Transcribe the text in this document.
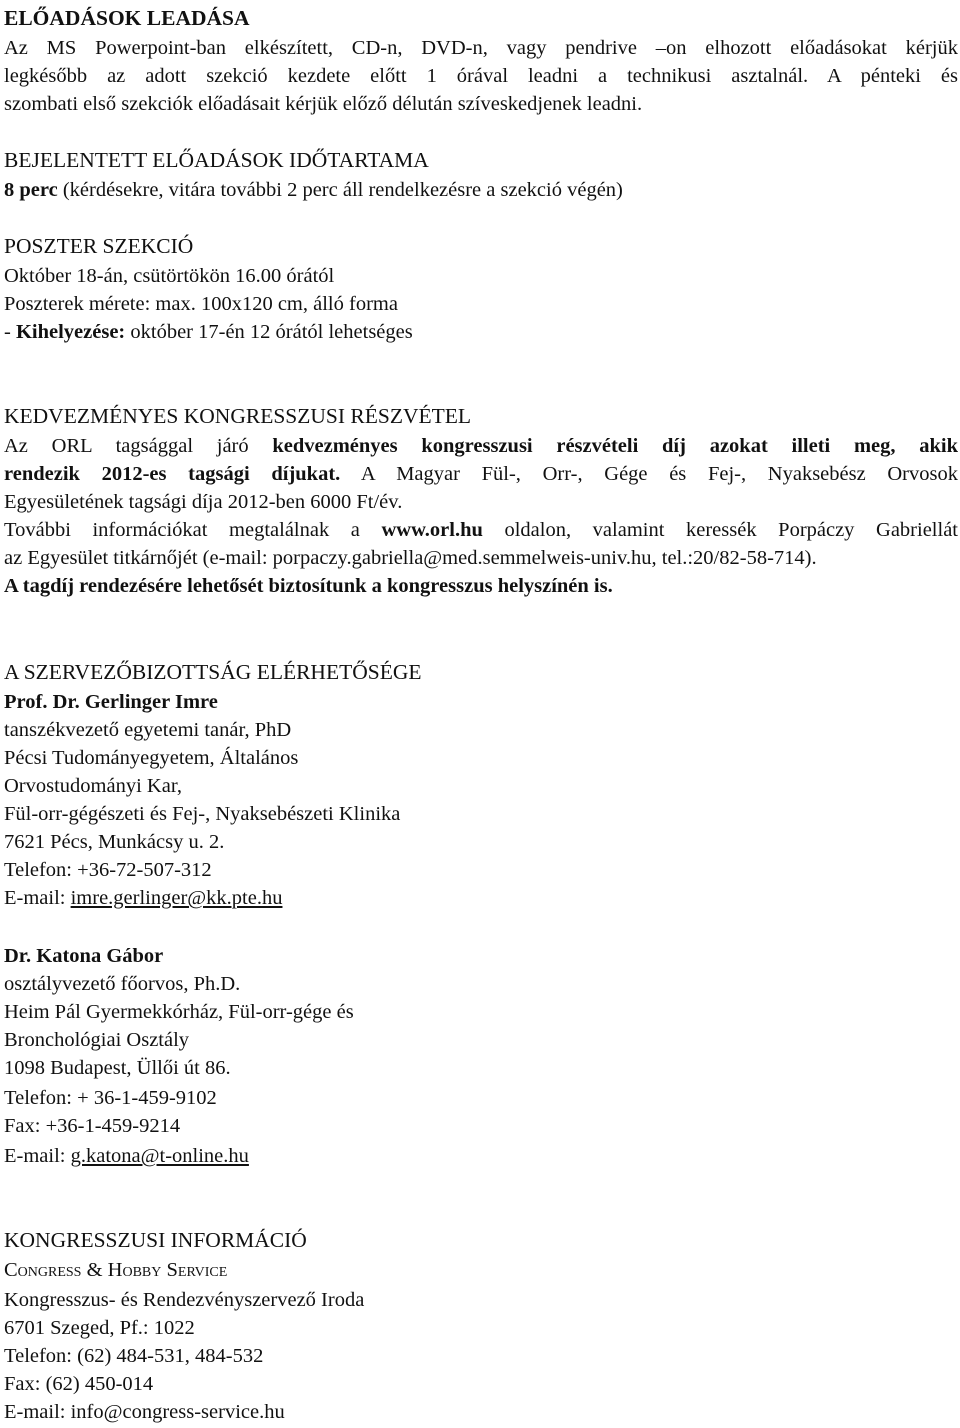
ELŐADÁSOK LEADÁSA
Az MS Powerpoint-ban elkészített, CD-n, DVD-n, vagy pendrive –on elhozott előadásokat kérjük
legkésőbb az adott szekció kezdete előtt 1 órával leadni a technikusi asztalnál. A pénteki és
szombati első szekciók előadásait kérjük előző délután szíveskedjenek leadni.
BEJELENTETT ELŐADÁSOK IDŐTARTAMA
8 perc (kérdésekre, vitára további 2 perc áll rendelkezésre a szekció végén)
POSZTER SZEKCIÓ
Október 18-án, csütörtökön 16.00 órától
Poszterek mérete: max. 100x120 cm, álló forma
- Kihelyezése: október 17-én 12 órától lehetséges
KEDVEZMÉNYES KONGRESSZUSI RÉSZVÉTEL
Az ORL tagsággal járó kedvezményes kongresszusi részvételi díj azokat illeti meg, akik
rendezik 2012-es tagsági díjukat. A Magyar Fül-, Orr-, Gége és Fej-, Nyaksebész Orvosok
Egyesületének tagsági díja 2012-ben 6000 Ft/év.
További információkat megtalálnak a www.orl.hu oldalon, valamint keressék Porpáczy Gabriellát
az Egyesület titkárnőjét (e-mail: porpaczy.gabriella@med.semmelweis-univ.hu, tel.:20/82-58-714).
A tagdíj rendezésére lehetősét biztosítunk a kongresszus helyszínén is.
A SZERVEZŐBIZOTTSÁG ELÉRHETŐSÉGE
Prof. Dr. Gerlinger Imre
tanszékvezető egyetemi tanár, PhD
Pécsi Tudományegyetem, Általános
Orvostudományi Kar,
Fül-orr-gégészeti és Fej-, Nyaksebészeti Klinika
7621 Pécs, Munkácsy u. 2.
Telefon: +36-72-507-312
E-mail: imre.gerlinger@kk.pte.hu
Dr. Katona Gábor
osztályvezető főorvos, Ph.D.
Heim Pál Gyermekkórház, Fül-orr-gége és
Bronchológiai Osztály
1098 Budapest, Üllői út 86.
Telefon: + 36-1-459-9102
Fax: +36-1-459-9214
E-mail: g.katona@t-online.hu
KONGRESSZUSI INFORMÁCIÓ
Congress & Hobby Service
Kongresszus- és Rendezvényszervező Iroda
6701 Szeged, Pf.: 1022
Telefon: (62) 484-531, 484-532
Fax: (62) 450-014
E-mail: info@congress-service.hu
